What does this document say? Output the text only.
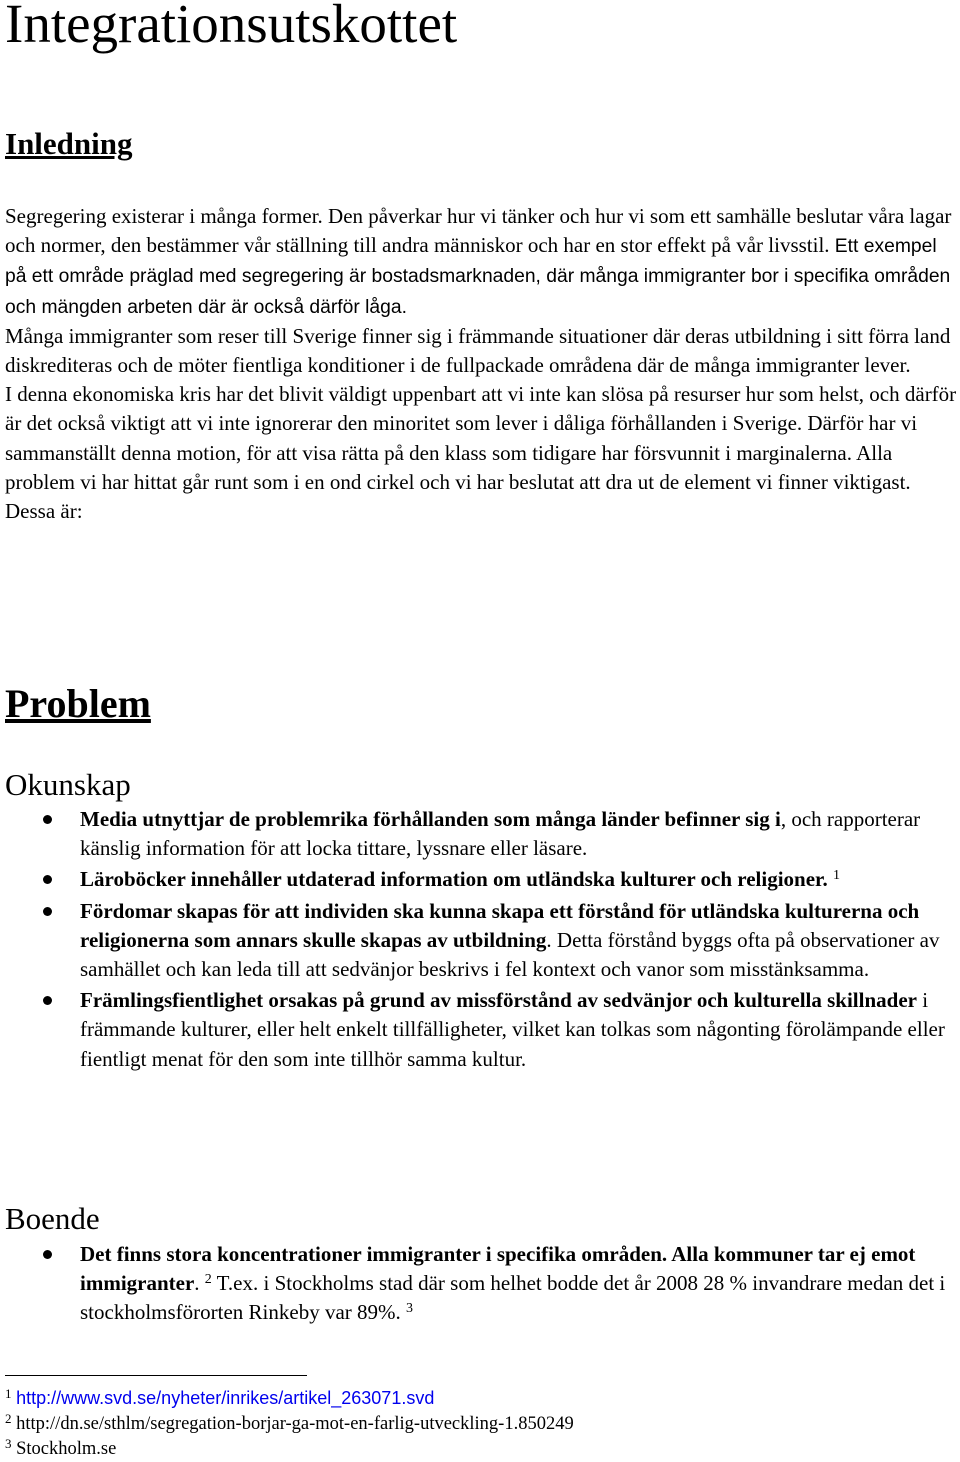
Integrationsutskottet
Inledning

Segregering existerar i många former. Den påverkar hur vi tänker och hur vi som ett samhälle beslutar våra lagar och normer, den bestämmer vår ställning till andra människor och har en stor effekt på vår livsstil. Ett exempel på ett område präglad med segregering är bostadsmarknaden, där många immigranter bor i specifika områden och mängden arbeten där är också därför låga.

Många immigranter som reser till Sverige finner sig i främmande situationer där deras utbildning i sitt förra land diskrediteras och de möter fientliga konditioner i de fullpackade områdena där de många immigranter lever.

I denna ekonomiska kris har det blivit väldigt uppenbart att vi inte kan slösa på resurser hur som helst, och därför är det också viktigt att vi inte ignorerar den minoritet som lever i dåliga förhållanden i Sverige. Därför har vi sammanställt denna motion, för att visa rätta på den klass som tidigare har försvunnit i marginalerna. Alla problem vi har hittat går runt som i en ond cirkel och vi har beslutat att dra ut de element vi finner viktigast. Dessa är:

Problem
Okunskap
Media utnyttjar de problemrika förhållanden som många länder befinner sig i, och rapporterar känslig information för att locka tittare, lyssnare eller läsare.
Läroböcker innehåller utdaterad information om utländska kulturer och religioner. $^1$
Fördomar skapas för att individen ska kunna skapa ett förstånd för utländska kulturerna och religionerna som annars skulle skapas av utbildning. Detta förstånd byggs ofta på observationer av samhället och kan leda till att sedvänjor beskrivs i fel kontext och vanor som misstänksamma.
Främlingsfientlighet orsakas på grund av missförstånd av sedvänjor och kulturella skillnader i främmande kulturer, eller helt enkelt tillfälligheter, vilket kan tolkas som någonting förolämpande eller fientligt menat för den som inte tillhör samma kultur.
Boende
Det finns stora koncentrationer immigranter i specifika områden. Alla kommuner tar ej emot immigranter. $^2$ T.ex. i Stockholms stad där som helhet bodde det år 2008 28 % invandrare medan det i stockholmsförorten Rinkeby var 89%. $^3$

$^1$ http://www.svd.se/nyheter/inrikes/artikel_263071.svd

$^2$ http://dn.se/sthlm/segregation-borjar-ga-mot-en-farlig-utveckling-1.850249

$^3$ Stockholm.se
